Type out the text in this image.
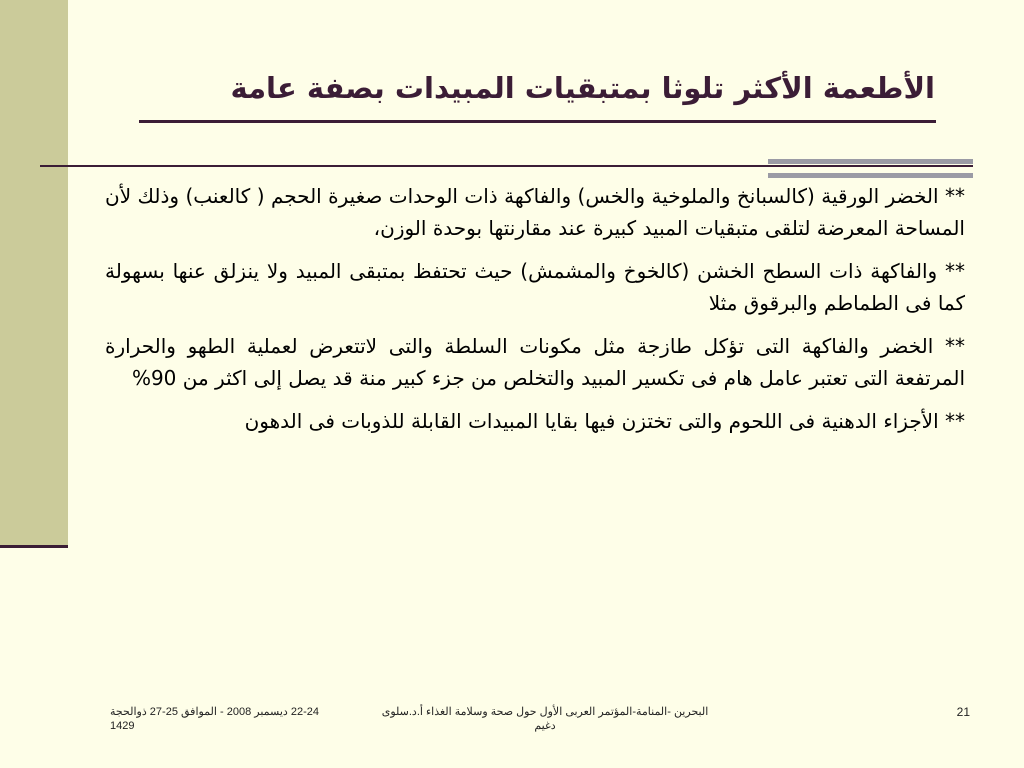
الأطعمة الأكثر تلوثا بمتبقيات المبيدات بصفة عامة

** الخضر الورقية (كالسبانخ والملوخية والخس) والفاكهة ذات الوحدات صغيرة الحجم ( كالعنب) وذلك لأن المساحة المعرضة لتلقى متبقيات المبيد كبيرة عند مقارنتها بوحدة الوزن،

** والفاكهة ذات السطح الخشن (كالخوخ والمشمش) حيث تحتفظ بمتبقى المبيد ولا ينزلق عنها بسهولة كما فى الطماطم والبرقوق مثلا

** الخضر والفاكهة التى تؤكل طازجة مثل مكونات السلطة والتى لاتتعرض لعملية الطهو والحرارة المرتفعة التى تعتبر عامل هام فى تكسير المبيد والتخلص من جزء كبير منة قد يصل إلى اكثر من 90%

** الأجزاء الدهنية فى اللحوم والتى تختزن فيها بقايا المبيدات القابلة للذوبات فى الدهون

22-24 ديسمبر 2008 - الموافق 25-27 ذوالحجة 1429
البحرين -المنامة-المؤتمر العربى الأول حول صحة وسلامة الغذاء أ.د.سلوى دغيم
21
